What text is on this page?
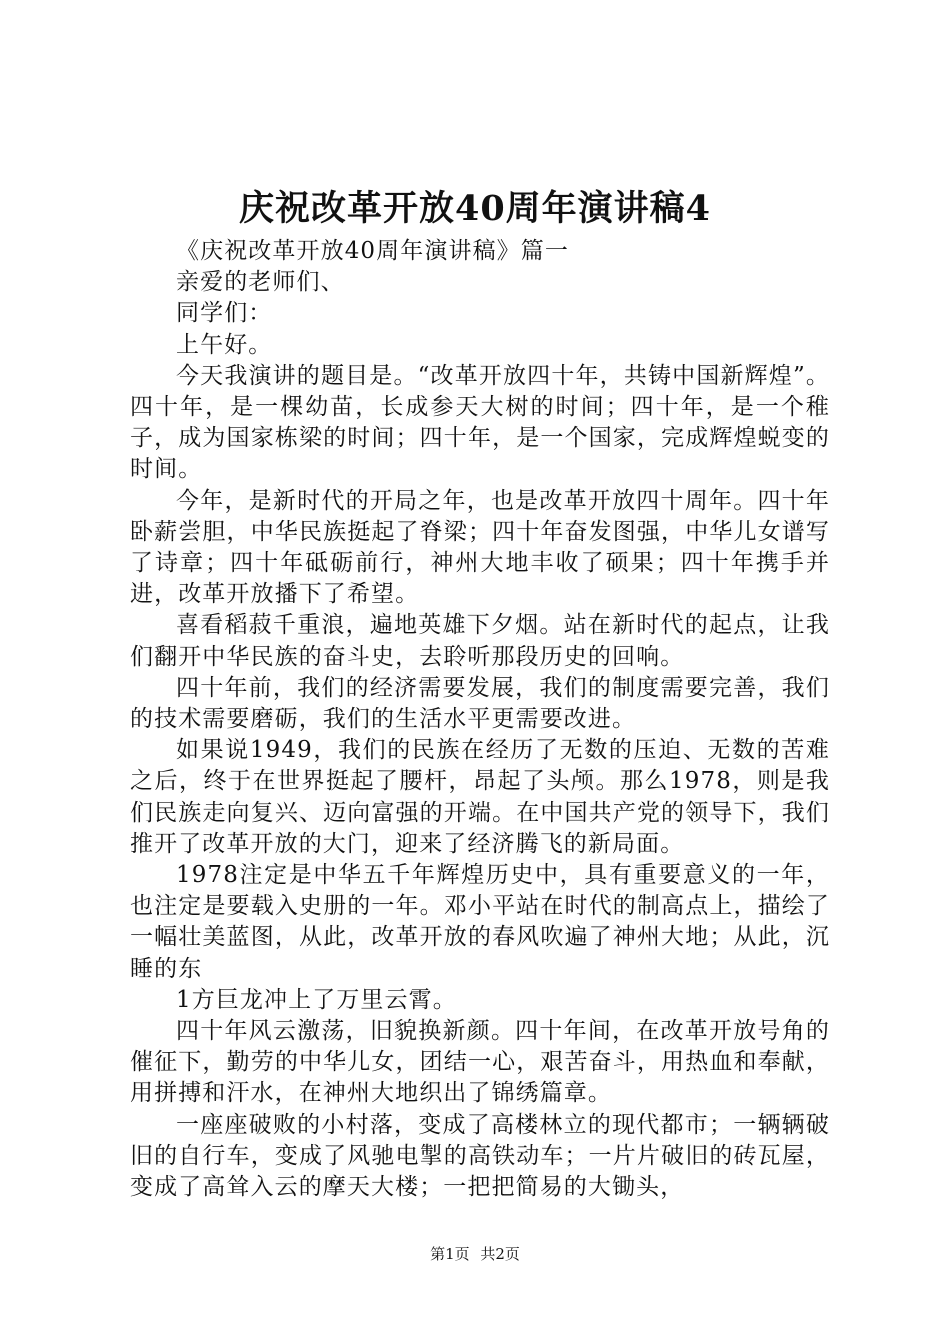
庆祝改革开放40周年演讲稿4

《庆祝改革开放40周年演讲稿》篇一

亲爱的老师们、

同学们：

上午好。

今天我演讲的题目是。“改革开放四十年，共铸中国新辉煌”。四十年，是一棵幼苗，长成参天大树的时间；四十年，是一个稚子，成为国家栋梁的时间；四十年，是一个国家，完成辉煌蜕变的时间。

今年，是新时代的开局之年，也是改革开放四十周年。四十年卧薪尝胆，中华民族挺起了脊梁；四十年奋发图强，中华儿女谱写了诗章；四十年砥砺前行，神州大地丰收了硕果；四十年携手并进，改革开放播下了希望。

喜看稻菽千重浪，遍地英雄下夕烟。站在新时代的起点，让我们翻开中华民族的奋斗史，去聆听那段历史的回响。

四十年前，我们的经济需要发展，我们的制度需要完善，我们的技术需要磨砺，我们的生活水平更需要改进。

如果说1949，我们的民族在经历了无数的压迫、无数的苦难之后，终于在世界挺起了腰杆，昂起了头颅。那么1978，则是我们民族走向复兴、迈向富强的开端。在中国共产党的领导下，我们推开了改革开放的大门，迎来了经济腾飞的新局面。

1978注定是中华五千年辉煌历史中，具有重要意义的一年，也注定是要载入史册的一年。邓小平站在时代的制高点上，描绘了一幅壮美蓝图，从此，改革开放的春风吹遍了神州大地；从此，沉睡的东

1方巨龙冲上了万里云霄。

四十年风云激荡，旧貌换新颜。四十年间，在改革开放号角的催征下，勤劳的中华儿女，团结一心，艰苦奋斗，用热血和奉献，用拼搏和汗水，在神州大地织出了锦绣篇章。

一座座破败的小村落，变成了高楼林立的现代都市；一辆辆破旧的自行车，变成了风驰电掣的高铁动车；一片片破旧的砖瓦屋，变成了高耸入云的摩天大楼；一把把简易的大锄头，

第1页 共2页
